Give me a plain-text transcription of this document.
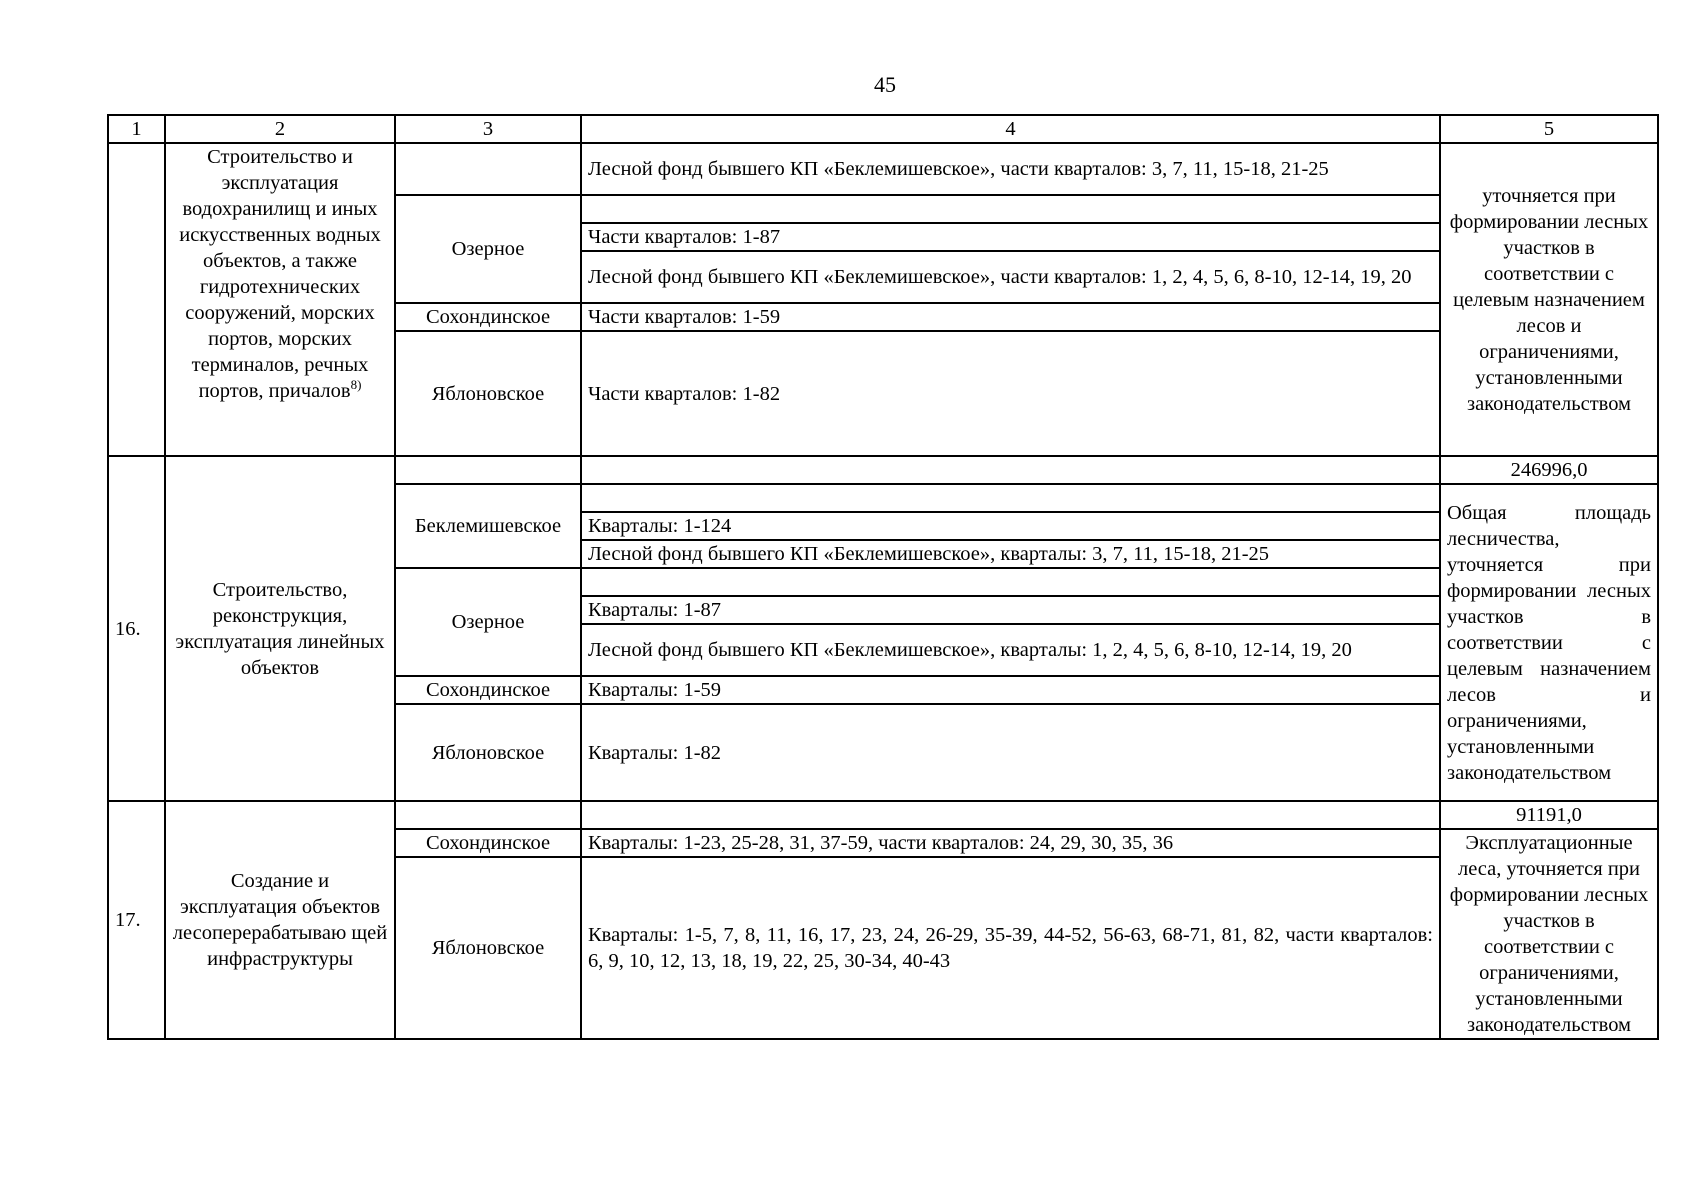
45
1	2	3	4	5
	Строительство и эксплуатация водохранилищ и иных искусственных водных объектов, а также гидротехнических сооружений, морских портов, морских терминалов, речных портов, причалов$^{8)}$		Лесной фонд бывшего КП «Беклемишевское», части кварталов: 3, 7, 11, 15-18, 21-25	уточняется при формировании лесных участков в соответствии с целевым назначением лесов и ограничениями, установленными законодательством
		Озерное		
			Части кварталов: 1-87	
			Лесной фонд бывшего КП «Беклемишевское», части кварталов: 1, 2, 4, 5, 6, 8-10, 12-14, 19, 20	
		Сохондинское	Части кварталов: 1-59	
		Яблоновское	Части кварталов: 1-82	
16.	Строительство, реконструкция, эксплуатация линейных объектов			246996,0
		Беклемишевское		Общая площадь лесничества, уточняется при формировании лесных участков в соответствии с целевым назначением лесов и ограничениями, установленными законодательством
			Кварталы: 1-124	
			Лесной фонд бывшего КП «Беклемишевское», кварталы: 3, 7, 11, 15-18, 21-25	
		Озерное		
			Кварталы: 1-87	
			Лесной фонд бывшего КП «Беклемишевское», кварталы: 1, 2, 4, 5, 6, 8-10, 12-14, 19, 20	

		Сохондинское	Кварталы: 1-59	
		Яблоновское	Кварталы: 1-82	

17.	Создание и эксплуатация объектов лесоперерабатываю щей инфраструктуры			91191,0
		Сохондинское	Кварталы: 1-23, 25-28, 31, 37-59, части кварталов: 24, 29, 30, 35, 36	Эксплуатационные леса, уточняется при формировании лесных участков в соответствии с ограничениями, установленными законодательством
		Яблоновское	Кварталы: 1-5, 7, 8, 11, 16, 17, 23, 24, 26-29, 35-39, 44-52, 56-63, 68-71, 81, 82, части кварталов: 6, 9, 10, 12, 13, 18, 19, 22, 25, 30-34, 40-43	
